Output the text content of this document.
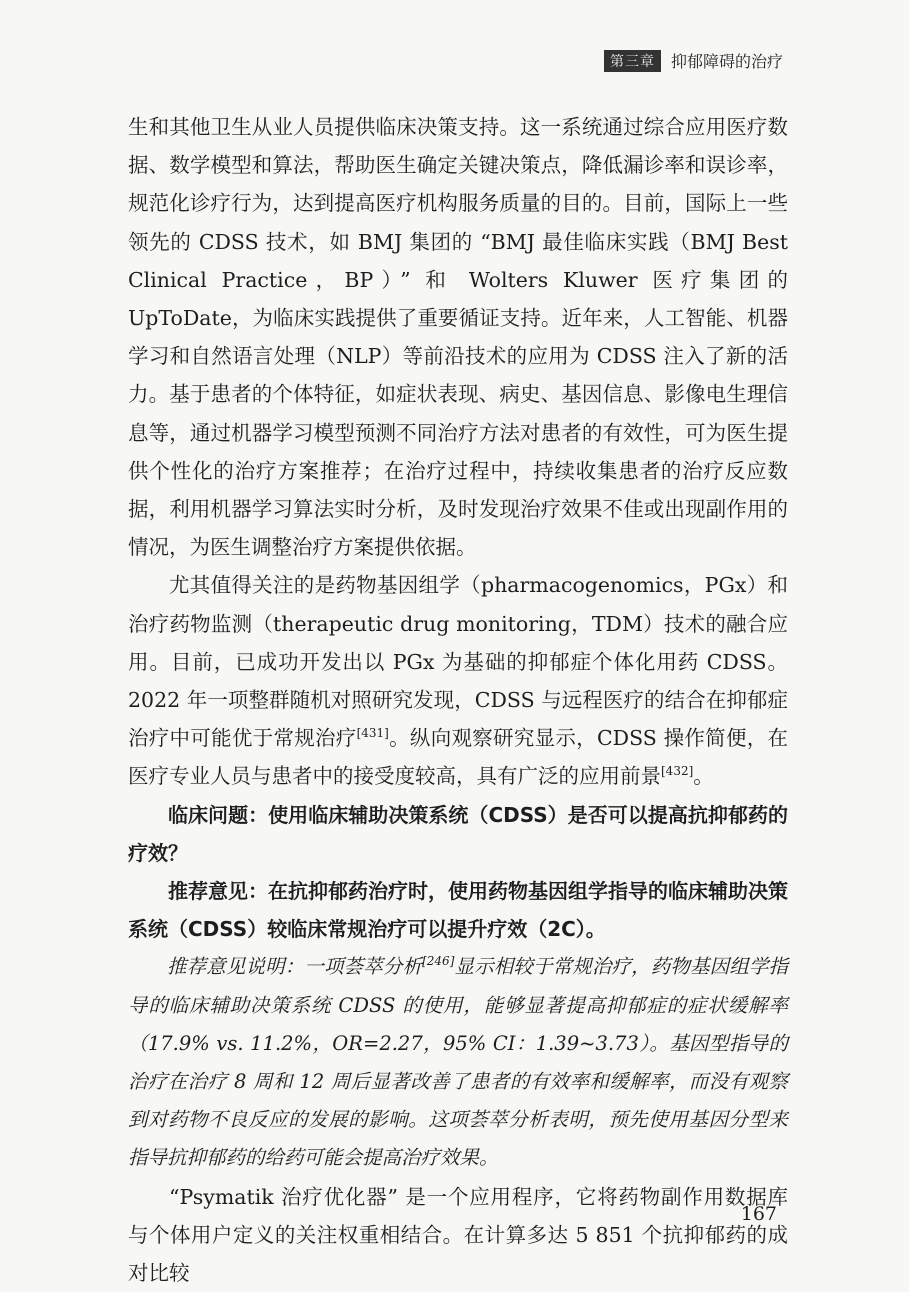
第三章	抑郁障碍的治疗

生和其他卫生从业人员提供临床决策支持。这一系统通过综合应用医疗数据、数学模型和算法，帮助医生确定关键决策点，降低漏诊率和误诊率，规范化诊疗行为，达到提高医疗机构服务质量的目的。目前，国际上一些领先的 CDSS 技术，如 BMJ 集团的 “BMJ 最佳临床实践（BMJ Best Clinical Practice，BP）” 和 Wolters Kluwer 医疗集团的 UpToDate，为临床实践提供了重要循证支持。近年来，人工智能、机器学习和自然语言处理（NLP）等前沿技术的应用为 CDSS 注入了新的活力。基于患者的个体特征，如症状表现、病史、基因信息、影像电生理信息等，通过机器学习模型预测不同治疗方法对患者的有效性，可为医生提供个性化的治疗方案推荐；在治疗过程中，持续收集患者的治疗反应数据，利用机器学习算法实时分析，及时发现治疗效果不佳或出现副作用的情况，为医生调整治疗方案提供依据。

尤其值得关注的是药物基因组学（pharmacogenomics，PGx）和治疗药物监测（therapeutic drug monitoring，TDM）技术的融合应用。目前，已成功开发出以 PGx 为基础的抑郁症个体化用药 CDSS。2022 年一项整群随机对照研究发现，CDSS 与远程医疗的结合在抑郁症治疗中可能优于常规治疗[431]。纵向观察研究显示，CDSS 操作简便，在医疗专业人员与患者中的接受度较高，具有广泛的应用前景[432]。

临床问题：使用临床辅助决策系统（CDSS）是否可以提高抗抑郁药的疗效？

推荐意见：在抗抑郁药治疗时，使用药物基因组学指导的临床辅助决策系统（CDSS）较临床常规治疗可以提升疗效（2C）。

推荐意见说明：一项荟萃分析[246]显示相较于常规治疗，药物基因组学指导的临床辅助决策系统 CDSS 的使用，能够显著提高抑郁症的症状缓解率（17.9% vs. 11.2%，OR=2.27，95% CI：1.39~3.73）。基因型指导的治疗在治疗 8 周和 12 周后显著改善了患者的有效率和缓解率，而没有观察到对药物不良反应的发展的影响。这项荟萃分析表明，预先使用基因分型来指导抗抑郁药的给药可能会提高治疗效果。

“Psymatik 治疗优化器” 是一个应用程序，它将药物副作用数据库与个体用户定义的关注权重相结合。在计算多达 5 851 个抗抑郁药的成对比较

167
